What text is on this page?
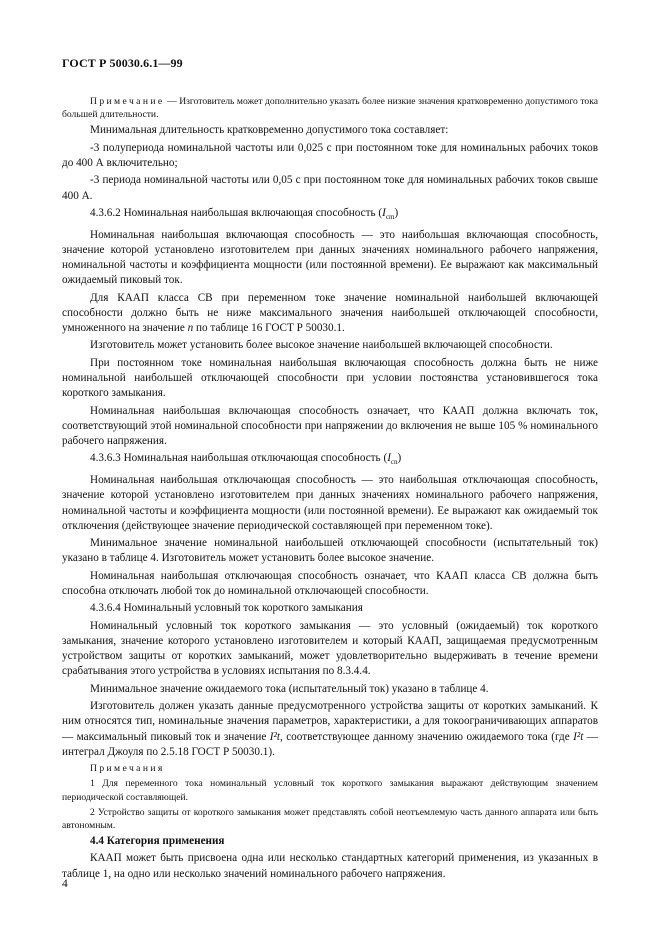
ГОСТ Р 50030.6.1—99

Примечание — Изготовитель может дополнительно указать более низкие значения кратковременно допустимого тока большей длительности.

Минимальная длительность кратковременно допустимого тока составляет:

-3 полупериода номинальной частоты или 0,025 с при постоянном токе для номинальных рабочих токов до 400 А включительно;

-3 периода номинальной частоты или 0,05 с при постоянном токе для номинальных рабочих токов свыше 400 А.

4.3.6.2 Номинальная наибольшая включающая способность $(I_{cm})$

Номинальная наибольшая включающая способность — это наибольшая включающая способность, значение которой установлено изготовителем при данных значениях номинального рабочего напряжения, номинальной частоты и коэффициента мощности (или постоянной времени). Ее выражают как максимальный ожидаемый пиковый ток.

Для КААП класса СВ при переменном токе значение номинальной наибольшей включающей способности должно быть не ниже максимального значения наибольшей отключающей способности, умноженного на значение n по таблице 16 ГОСТ Р 50030.1.

Изготовитель может установить более высокое значение наибольшей включающей способности.

При постоянном токе номинальная наибольшая включающая способность должна быть не ниже номинальной наибольшей отключающей способности при условии постоянства установившегося тока короткого замыкания.

Номинальная наибольшая включающая способность означает, что КААП должна включать ток, соответствующий этой номинальной способности при напряжении до включения не выше 105 % номинального рабочего напряжения.

4.3.6.3 Номинальная наибольшая отключающая способность $(I_{cn})$

Номинальная наибольшая отключающая способность — это наибольшая отключающая способность, значение которой установлено изготовителем при данных значениях номинального рабочего напряжения, номинальной частоты и коэффициента мощности (или постоянной времени). Ее выражают как ожидаемый ток отключения (действующее значение периодической составляющей при переменном токе).

Минимальное значение номинальной наибольшей отключающей способности (испытательный ток) указано в таблице 4. Изготовитель может установить более высокое значение.

Номинальная наибольшая отключающая способность означает, что КААП класса СВ должна быть способна отключать любой ток до номинальной отключающей способности.

4.3.6.4 Номинальный условный ток короткого замыкания

Номинальный условный ток короткого замыкания — это условный (ожидаемый) ток короткого замыкания, значение которого установлено изготовителем и который КААП, защищаемая предусмотренным устройством защиты от коротких замыканий, может удовлетворительно выдерживать в течение времени срабатывания этого устройства в условиях испытания по 8.3.4.4.

Минимальное значение ожидаемого тока (испытательный ток) указано в таблице 4.

Изготовитель должен указать данные предусмотренного устройства защиты от коротких замыканий. К ним относятся тип, номинальные значения параметров, характеристики, а для токоограничивающих аппаратов — максимальный пиковый ток и значение I²t, соответствующее данному значению ожидаемого тока (где I²t — интеграл Джоуля по 2.5.18 ГОСТ Р 50030.1).

Примечания

1 Для переменного тока номинальный условный ток короткого замыкания выражают действующим значением периодической составляющей.

2 Устройство защиты от короткого замыкания может представлять собой неотъемлемую часть данного аппарата или быть автономным.

4.4 Категория применения

КААП может быть присвоена одна или несколько стандартных категорий применения, из указанных в таблице 1, на одно или несколько значений номинального рабочего напряжения.

4
